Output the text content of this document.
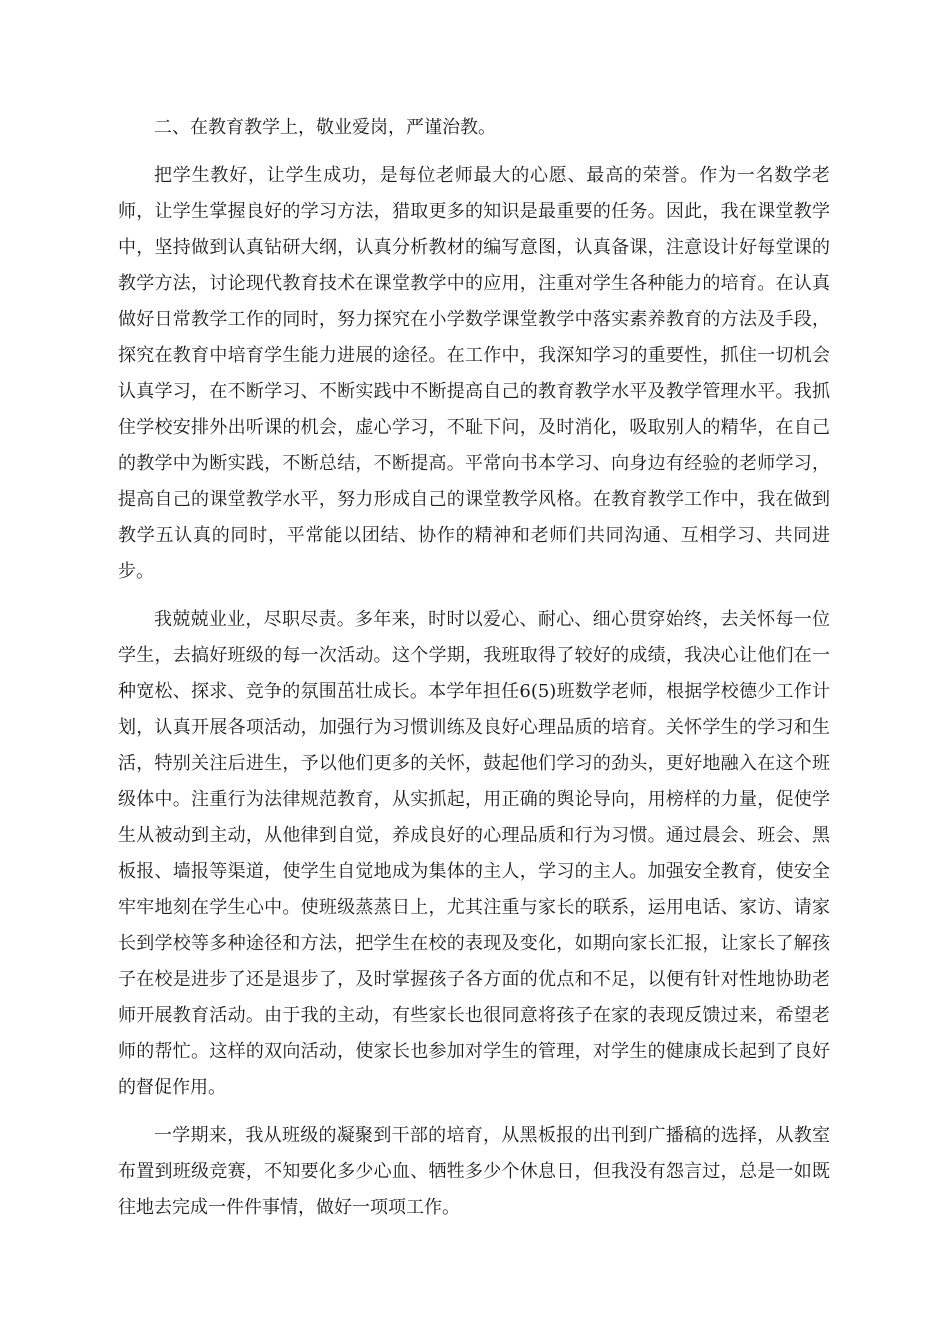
二、在教育教学上，敬业爱岗，严谨治教。

把学生教好，让学生成功，是每位老师最大的心愿、最高的荣誉。作为一名数学老师，让学生掌握良好的学习方法，猎取更多的知识是最重要的任务。因此，我在课堂教学中，坚持做到认真钻研大纲，认真分析教材的编写意图，认真备课，注意设计好每堂课的教学方法，讨论现代教育技术在课堂教学中的应用，注重对学生各种能力的培育。在认真做好日常教学工作的同时，努力探究在小学数学课堂教学中落实素养教育的方法及手段，探究在教育中培育学生能力进展的途径。在工作中，我深知学习的重要性，抓住一切机会认真学习，在不断学习、不断实践中不断提高自己的教育教学水平及教学管理水平。我抓住学校安排外出听课的机会，虚心学习，不耻下问，及时消化，吸取别人的精华，在自己的教学中为断实践，不断总结，不断提高。平常向书本学习、向身边有经验的老师学习，提高自己的课堂教学水平，努力形成自己的课堂教学风格。在教育教学工作中，我在做到教学五认真的同时，平常能以团结、协作的精神和老师们共同沟通、互相学习、共同进步。

我兢兢业业，尽职尽责。多年来，时时以爱心、耐心、细心贯穿始终，去关怀每一位学生，去搞好班级的每一次活动。这个学期，我班取得了较好的成绩，我决心让他们在一种宽松、探求、竞争的氛围茁壮成长。本学年担任6(5)班数学老师，根据学校德少工作计划，认真开展各项活动，加强行为习惯训练及良好心理品质的培育。关怀学生的学习和生活，特别关注后进生，予以他们更多的关怀，鼓起他们学习的劲头，更好地融入在这个班级体中。注重行为法律规范教育，从实抓起，用正确的舆论导向，用榜样的力量，促使学生从被动到主动，从他律到自觉，养成良好的心理品质和行为习惯。通过晨会、班会、黑板报、墙报等渠道，使学生自觉地成为集体的主人，学习的主人。加强安全教育，使安全牢牢地刻在学生心中。使班级蒸蒸日上，尤其注重与家长的联系，运用电话、家访、请家长到学校等多种途径和方法，把学生在校的表现及变化，如期向家长汇报，让家长了解孩子在校是进步了还是退步了，及时掌握孩子各方面的优点和不足，以便有针对性地协助老师开展教育活动。由于我的主动，有些家长也很同意将孩子在家的表现反馈过来，希望老师的帮忙。这样的双向活动，使家长也参加对学生的管理，对学生的健康成长起到了良好的督促作用。

一学期来，我从班级的凝聚到干部的培育，从黑板报的出刊到广播稿的选择，从教室布置到班级竞赛，不知要化多少心血、牺牲多少个休息日，但我没有怨言过，总是一如既往地去完成一件件事情，做好一项项工作。
